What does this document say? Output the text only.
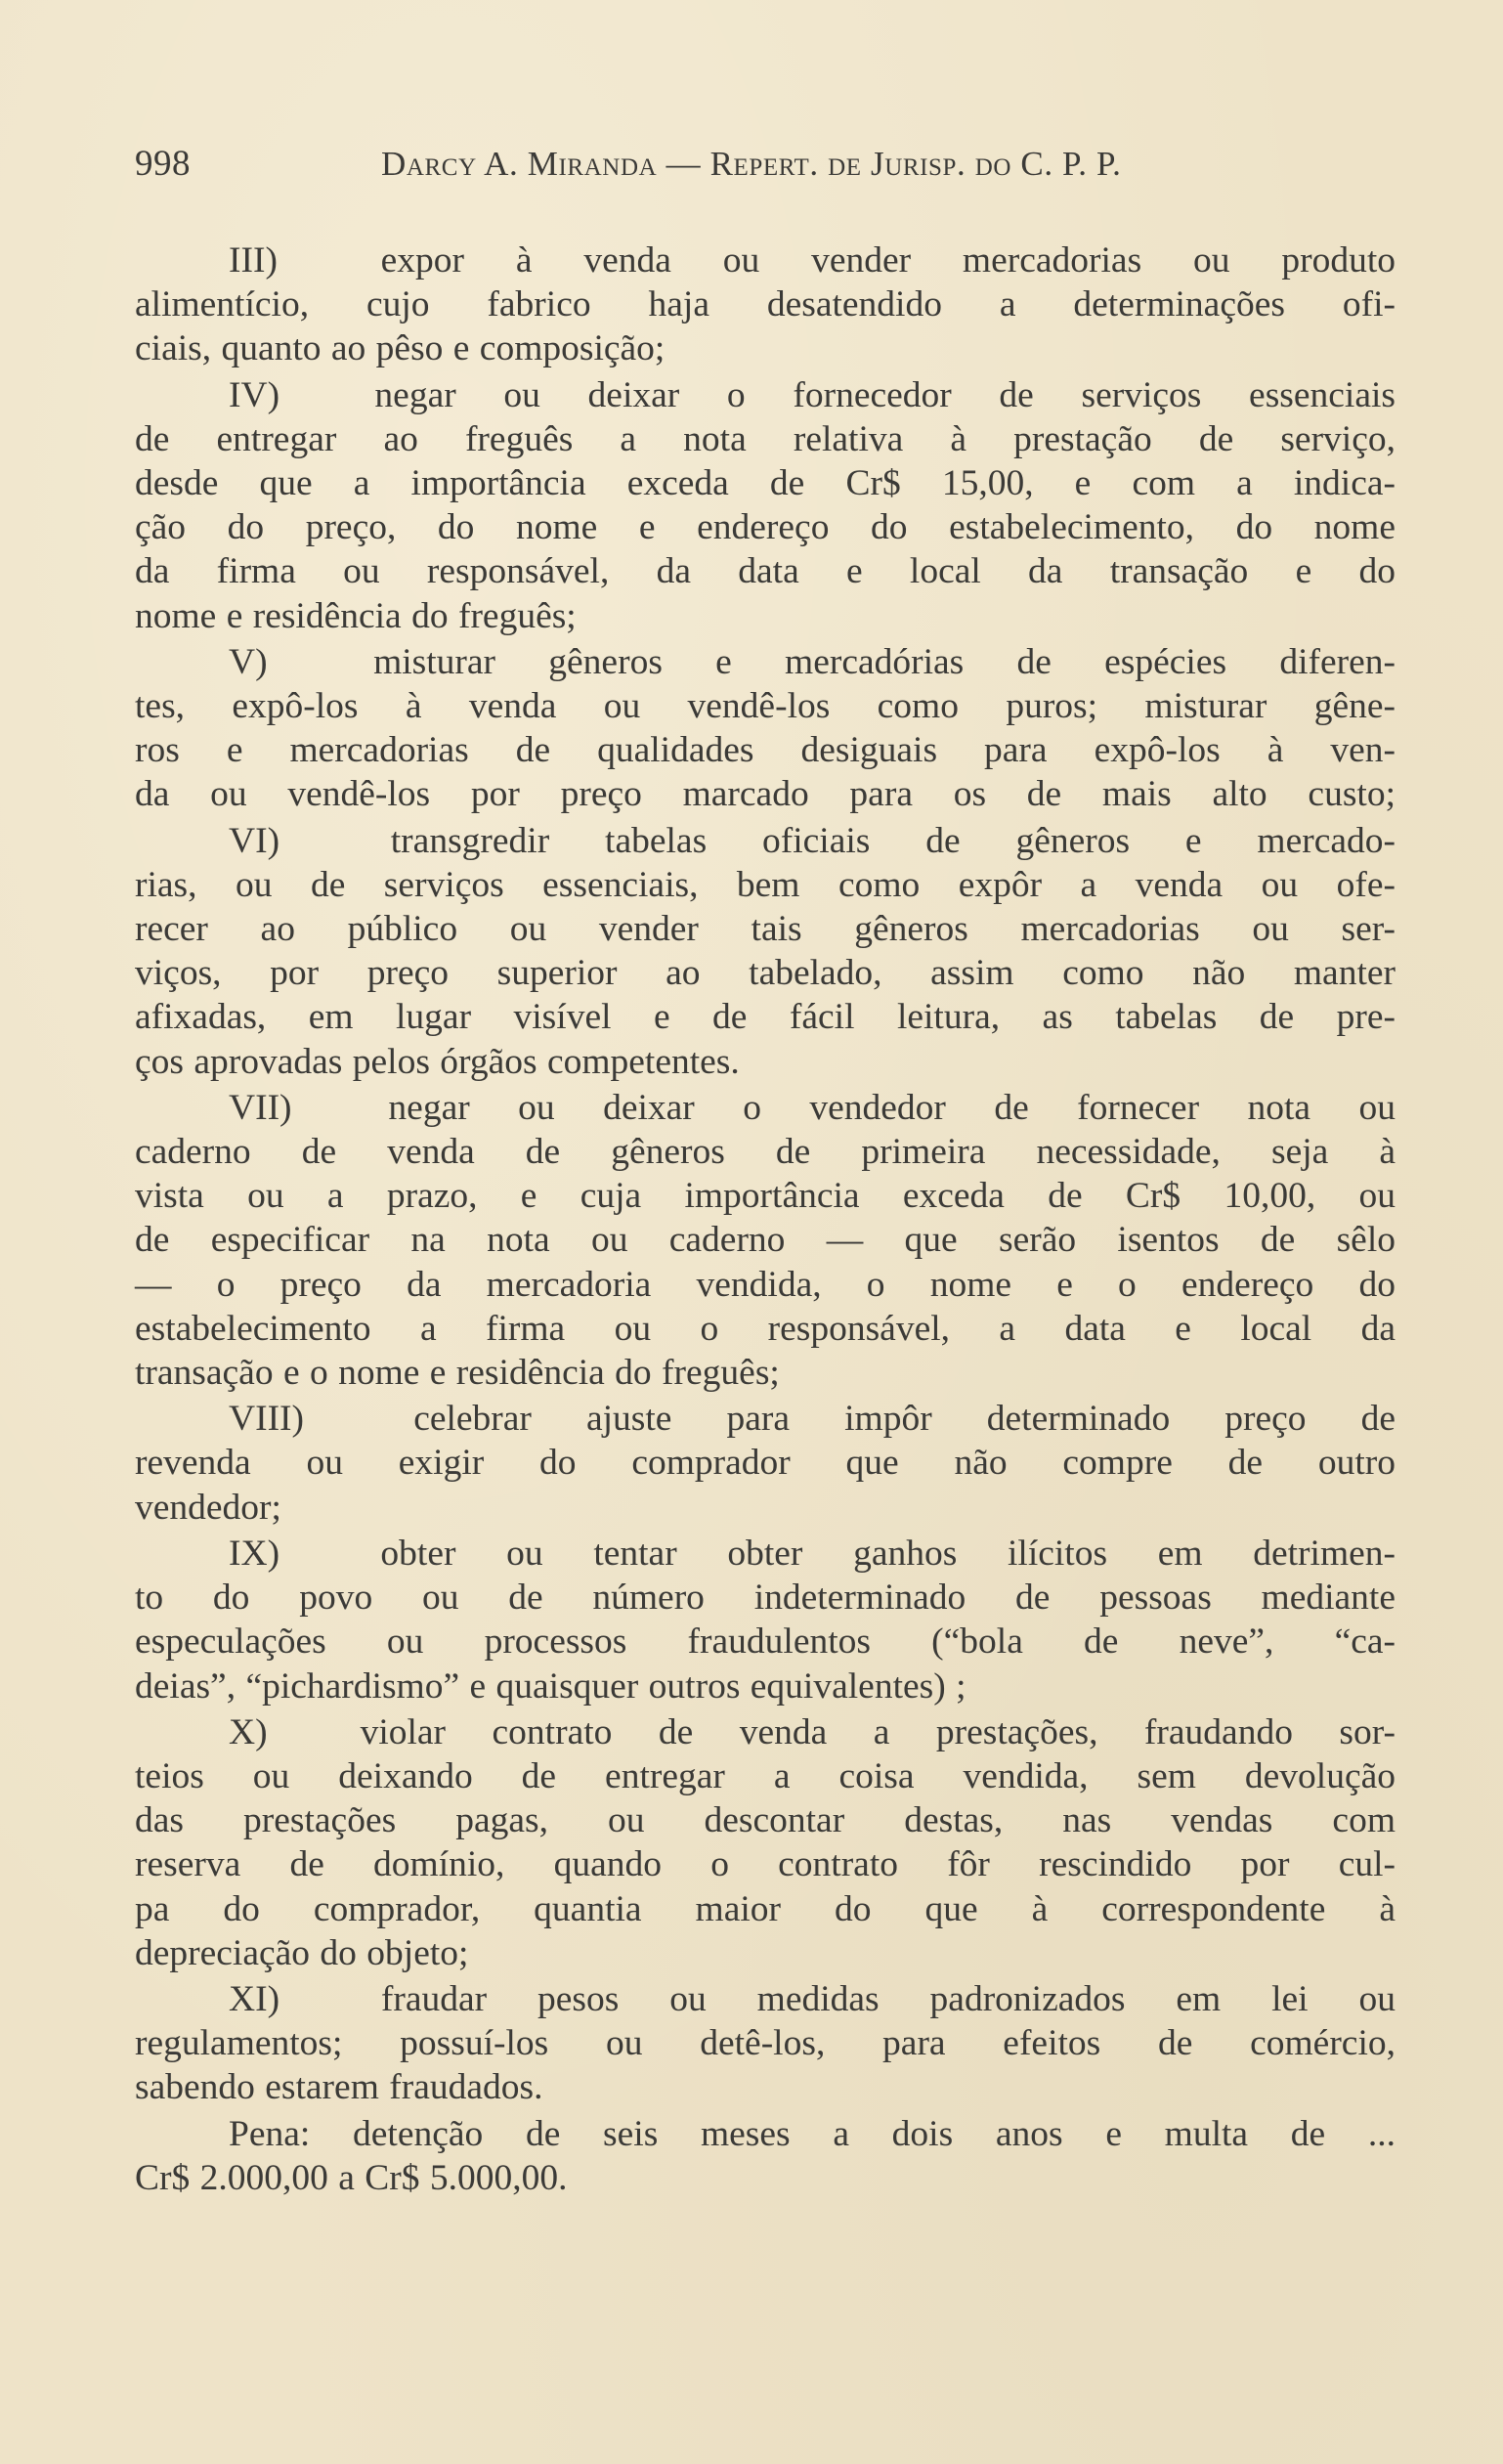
998	Darcy A. Miranda — Repert. de Jurisp. do C. P. P.
III)	expor à venda ou vender mercadorias ou produto
alimentício, cujo fabrico haja desatendido a determinações ofi-
ciais, quanto ao pêso e composição;
IV)	negar ou deixar o fornecedor de serviços essenciais
de entregar ao freguês a nota relativa à prestação de serviço,
desde que a importância exceda de Cr$ 15,00, e com a indica-
ção do preço, do nome e endereço do estabelecimento, do nome
da firma ou responsável, da data e local da transação e do
nome e residência do freguês;
V)	misturar gêneros e mercadórias de espécies diferen-
tes, expô-los à venda ou vendê-los como puros; misturar gêne-
ros e mercadorias de qualidades desiguais para expô-los à ven-
da ou vendê-los por preço marcado para os de mais alto custo;
VI)	transgredir tabelas oficiais de gêneros e mercado-
rias, ou de serviços essenciais, bem como expôr a venda ou ofe-
recer ao público ou vender tais gêneros mercadorias ou ser-
viços, por preço superior ao tabelado, assim como não manter
afixadas, em lugar visível e de fácil leitura, as tabelas de pre-
ços aprovadas pelos órgãos competentes.
VII)	negar ou deixar o vendedor de fornecer nota ou
caderno de venda de gêneros de primeira necessidade, seja à
vista ou a prazo, e cuja importância exceda de Cr$ 10,00, ou
de especificar na nota ou caderno — que serão isentos de sêlo
— o preço da mercadoria vendida, o nome e o endereço do
estabelecimento a firma ou o responsável, a data e local da
transação e o nome e residência do freguês;
VIII)	celebrar ajuste para impôr determinado preço de
revenda ou exigir do comprador que não compre de outro
vendedor;
IX)	obter ou tentar obter ganhos ilícitos em detrimen-
to do povo ou de número indeterminado de pessoas mediante
especulações ou processos fraudulentos (“bola de neve”, “ca-
deias”, “pichardismo” e quaisquer outros equivalentes) ;
X)	violar contrato de venda a prestações, fraudando sor-
teios ou deixando de entregar a coisa vendida, sem devolução
das prestações pagas, ou descontar destas, nas vendas com
reserva de domínio, quando o contrato fôr rescindido por cul-
pa do comprador, quantia maior do que à correspondente à
depreciação do objeto;
XI)	fraudar pesos ou medidas padronizados em lei ou
regulamentos; possuí-los ou detê-los, para efeitos de comércio,
sabendo estarem fraudados.
Pena: detenção de seis meses a dois anos e multa de ...
Cr$ 2.000,00 a Cr$ 5.000,00.
